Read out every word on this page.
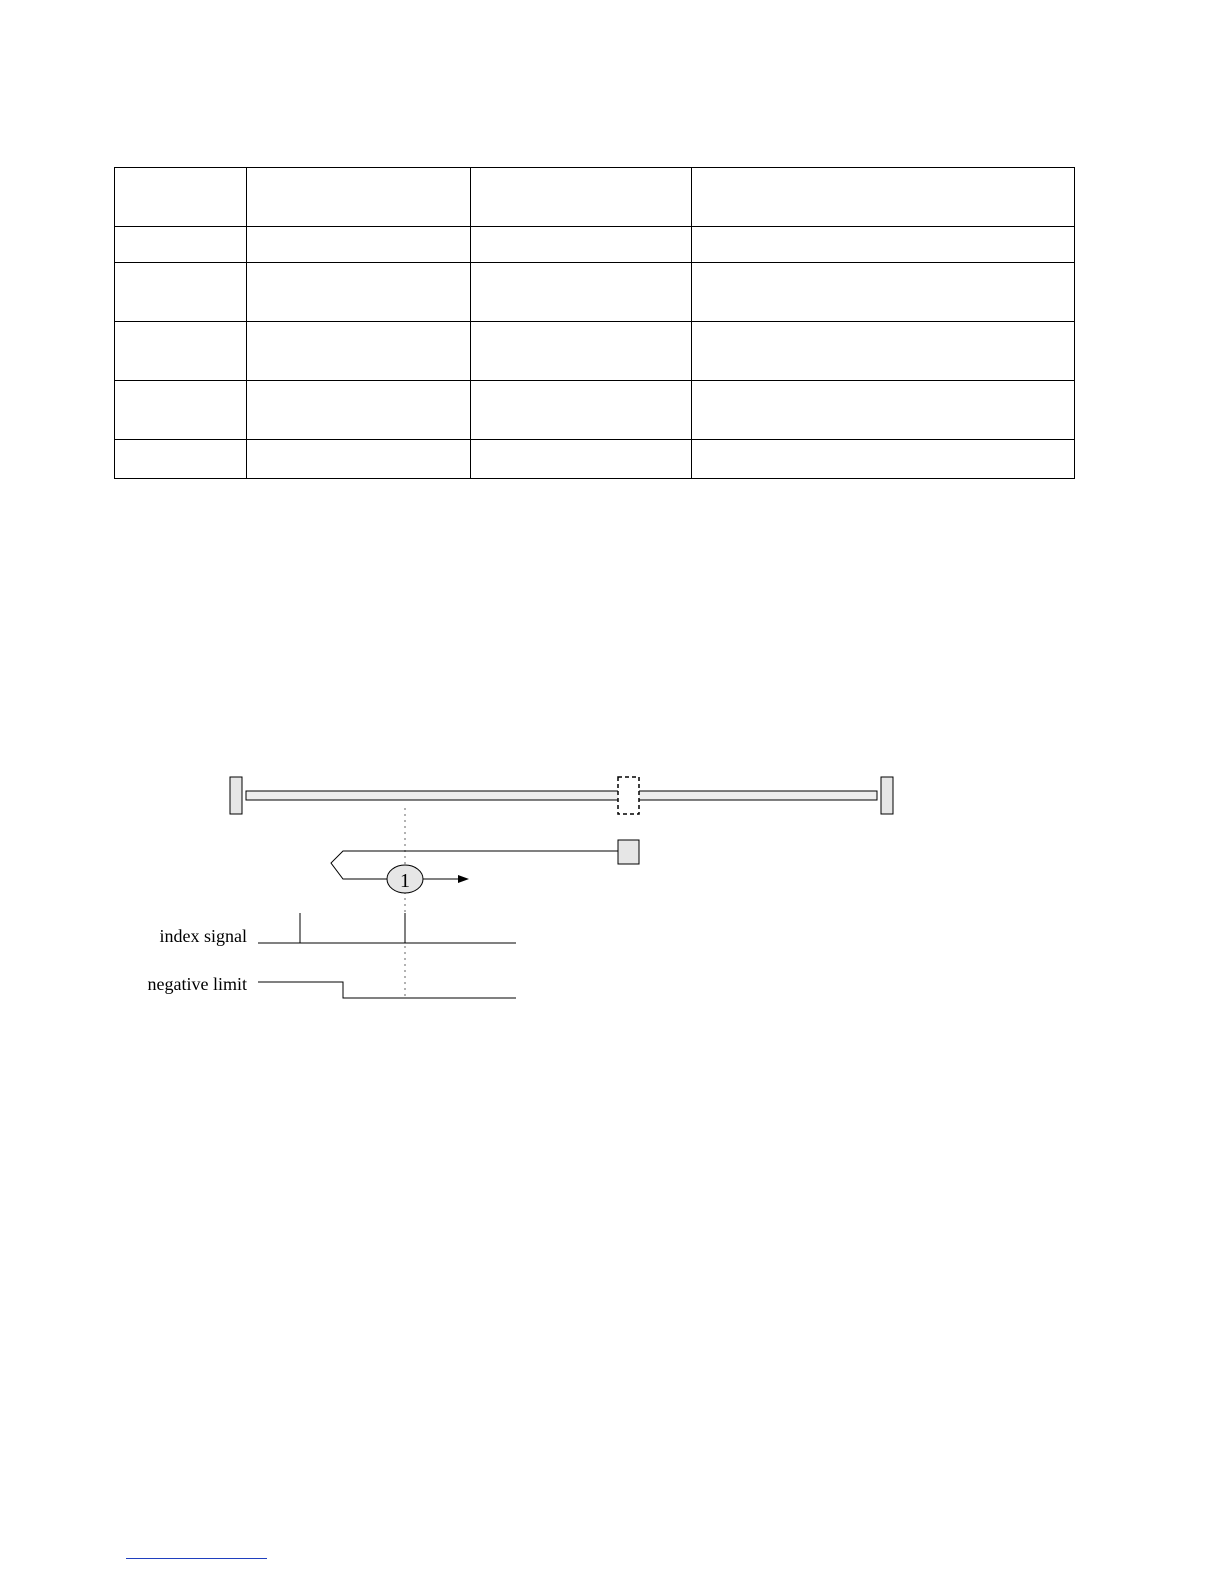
1
index signal
negative limit
